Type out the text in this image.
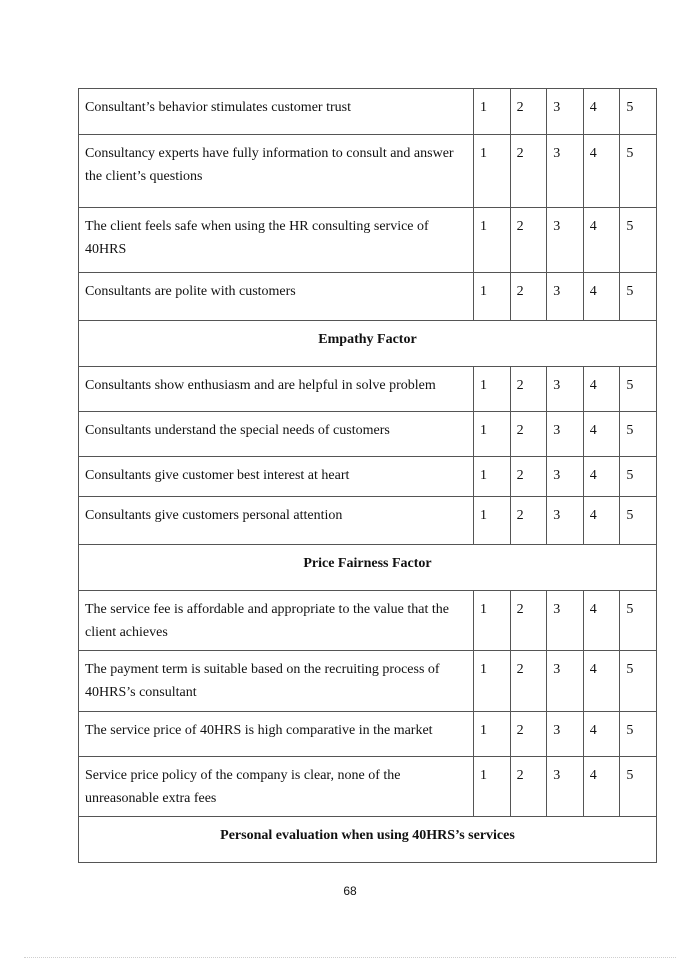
Consultant’s behavior stimulates customer trust	1	2	3	4	5
Consultancy experts have fully information to consult and answer the client’s questions	1	2	3	4	5
The client feels safe when using the HR consulting service of 40HRS	1	2	3	4	5
Consultants are polite with customers	1	2	3	4	5
Empathy Factor					
Consultants show enthusiasm and are helpful in solve problem	1	2	3	4	5
Consultants understand the special needs of customers	1	2	3	4	5
Consultants give customer best interest at heart	1	2	3	4	5
Consultants give customers personal attention	1	2	3	4	5
Price Fairness Factor					
The service fee is affordable and appropriate to the value that the client achieves	1	2	3	4	5
The payment term is suitable based on the recruiting process of 40HRS’s consultant	1	2	3	4	5
The service price of 40HRS is high comparative in the market	1	2	3	4	5
Service price policy of the company is clear, none of the unreasonable extra fees	1	2	3	4	5
Personal evaluation when using 40HRS’s services					
68
